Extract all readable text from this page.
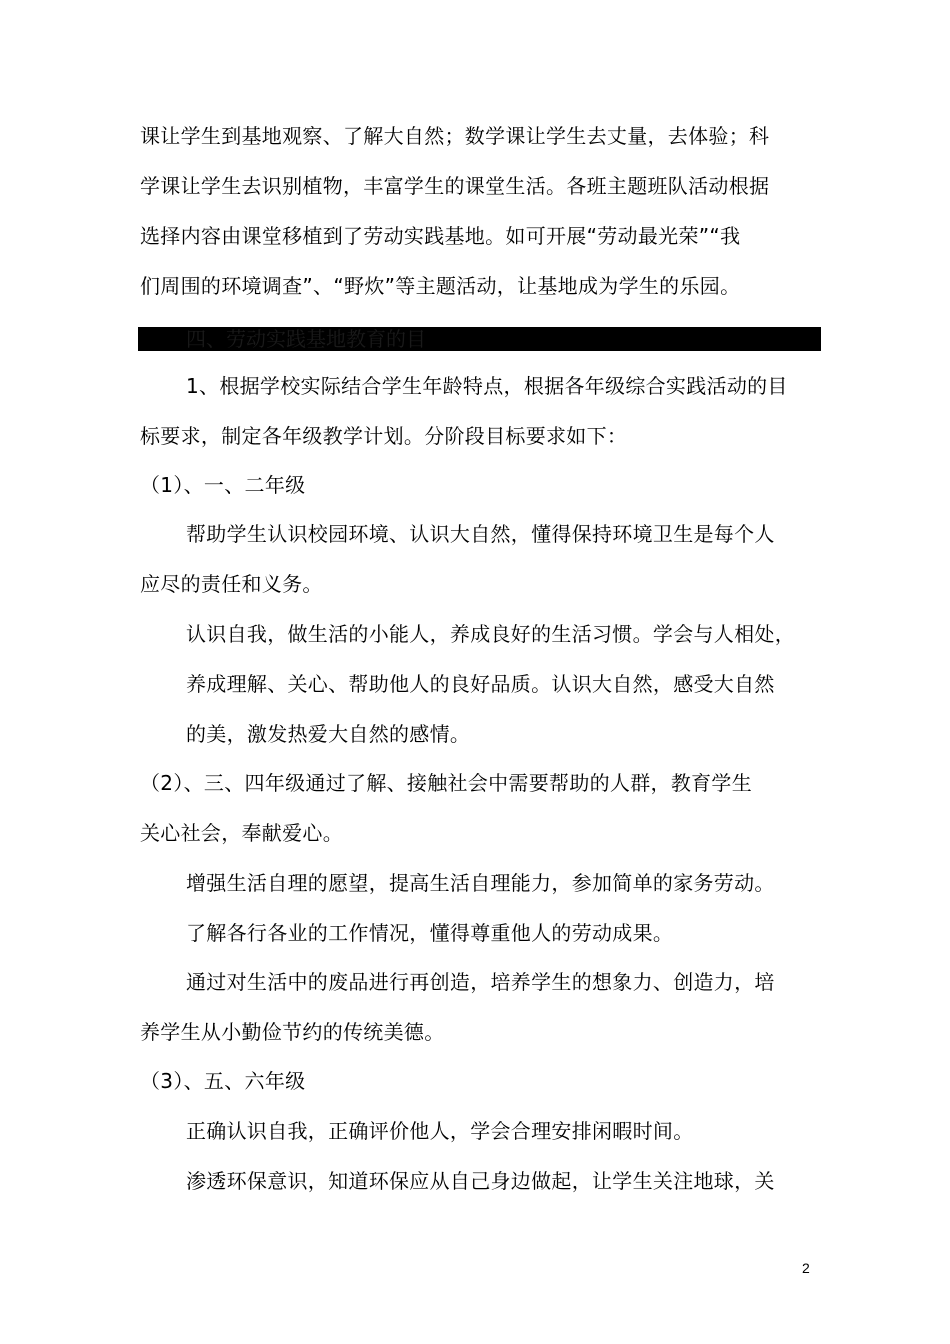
课让学生到基地观察、了解大自然；数学课让学生去丈量，去体验；科
学课让学生去识别植物，丰富学生的课堂生活。各班主题班队活动根据
选择内容由课堂移植到了劳动实践基地。如可开展“劳动最光荣”“我
们周围的环境调查”、“野炊”等主题活动，让基地成为学生的乐园。
四、劳动实践基地教育的目
1、根据学校实际结合学生年龄特点，根据各年级综合实践活动的目
标要求，制定各年级教学计划。分阶段目标要求如下：
（1）、一、二年级
帮助学生认识校园环境、认识大自然，懂得保持环境卫生是每个人
应尽的责任和义务。
认识自我，做生活的小能人，养成良好的生活习惯。学会与人相处，
养成理解、关心、帮助他人的良好品质。认识大自然，感受大自然
的美，激发热爱大自然的感情。
（2）、三、四年级通过了解、接触社会中需要帮助的人群，教育学生
关心社会，奉献爱心。
增强生活自理的愿望，提高生活自理能力，参加简单的家务劳动。
了解各行各业的工作情况，懂得尊重他人的劳动成果。
通过对生活中的废品进行再创造，培养学生的想象力、创造力，培
养学生从小勤俭节约的传统美德。
（3）、五、六年级
正确认识自我，正确评价他人，学会合理安排闲暇时间。
渗透环保意识，知道环保应从自己身边做起，让学生关注地球，关
2
